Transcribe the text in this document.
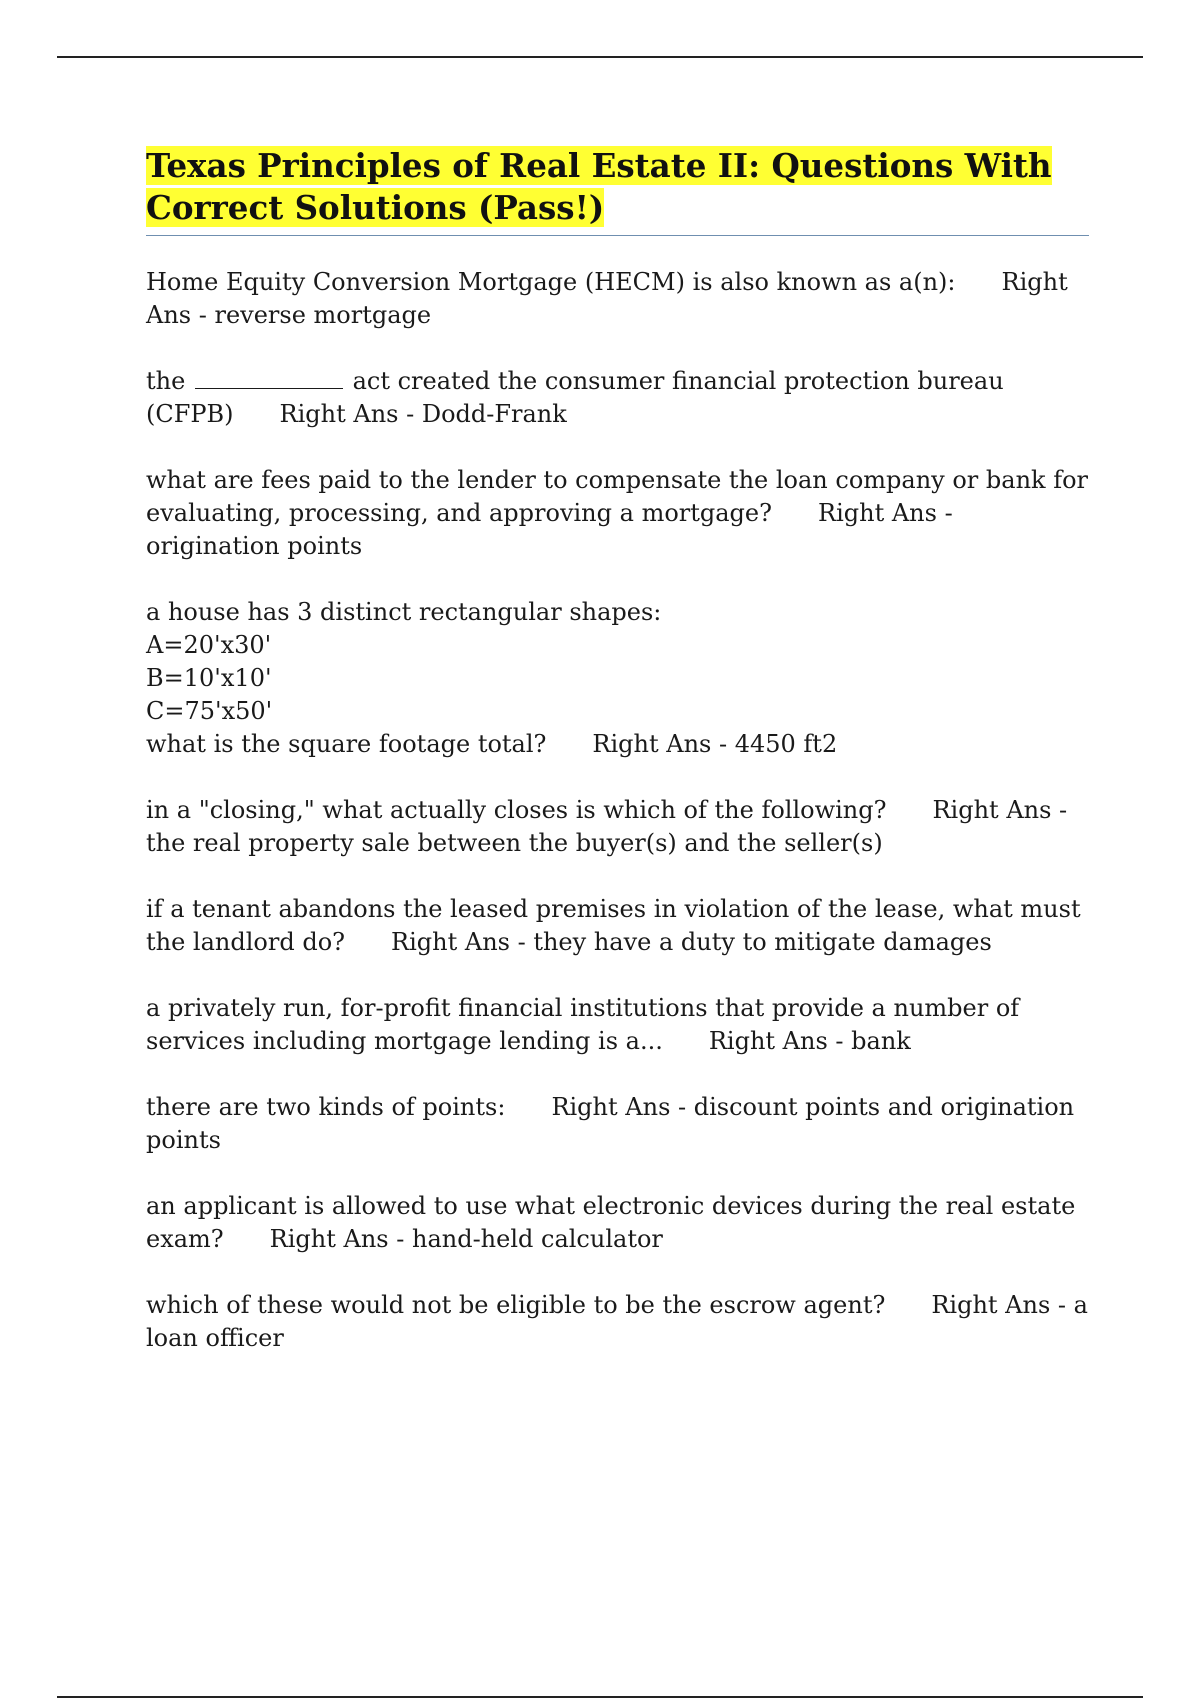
Texas Principles of Real Estate II: Questions With Correct Solutions (Pass!)

Home Equity Conversion Mortgage (HECM) is also known as a(n): Right Ans - reverse mortgage

the	act created the consumer financial protection bureau (CFPB) Right Ans - Dodd-Frank

what are fees paid to the lender to compensate the loan company or bank for evaluating, processing, and approving a mortgage? Right Ans - origination points

a house has 3 distinct rectangular shapes:
A=20'x30'
B=10'x10'
C=75'x50'
what is the square footage total? Right Ans - 4450 ft2

in a "closing," what actually closes is which of the following? Right Ans - the real property sale between the buyer(s) and the seller(s)

if a tenant abandons the leased premises in violation of the lease, what must the landlord do? Right Ans - they have a duty to mitigate damages

a privately run, for-profit financial institutions that provide a number of services including mortgage lending is a... Right Ans - bank

there are two kinds of points: Right Ans - discount points and origination points

an applicant is allowed to use what electronic devices during the real estate exam? Right Ans - hand-held calculator

which of these would not be eligible to be the escrow agent? Right Ans - a loan officer
